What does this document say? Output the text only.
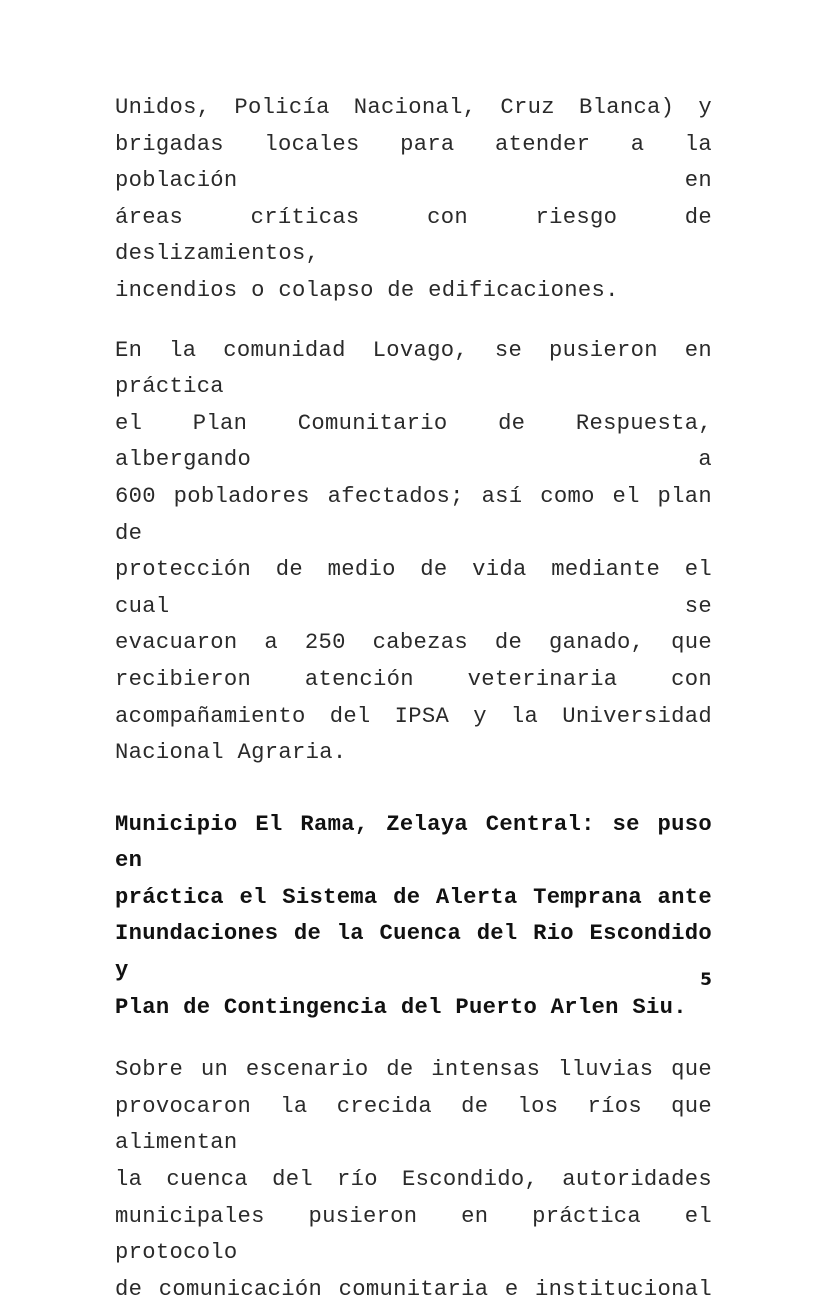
Unidos, Policía Nacional, Cruz Blanca) y
brigadas locales para atender a la población en
áreas críticas con riesgo de deslizamientos,
incendios o colapso de edificaciones.

En la comunidad Lovago, se pusieron en práctica
el Plan Comunitario de Respuesta, albergando a
600 pobladores afectados; así como el plan de
protección de medio de vida mediante el cual se
evacuaron a 250 cabezas de ganado, que
recibieron atención veterinaria con
acompañamiento del IPSA y la Universidad
Nacional Agraria.

Municipio El Rama, Zelaya Central: se puso en
práctica el Sistema de Alerta Temprana ante
Inundaciones de la Cuenca del Rio Escondido y
Plan de Contingencia del Puerto Arlen Siu.

Sobre un escenario de intensas lluvias que
provocaron la crecida de los ríos que alimentan
la cuenca del río Escondido, autoridades
municipales pusieron en práctica el protocolo
de comunicación comunitaria e institucional

5
